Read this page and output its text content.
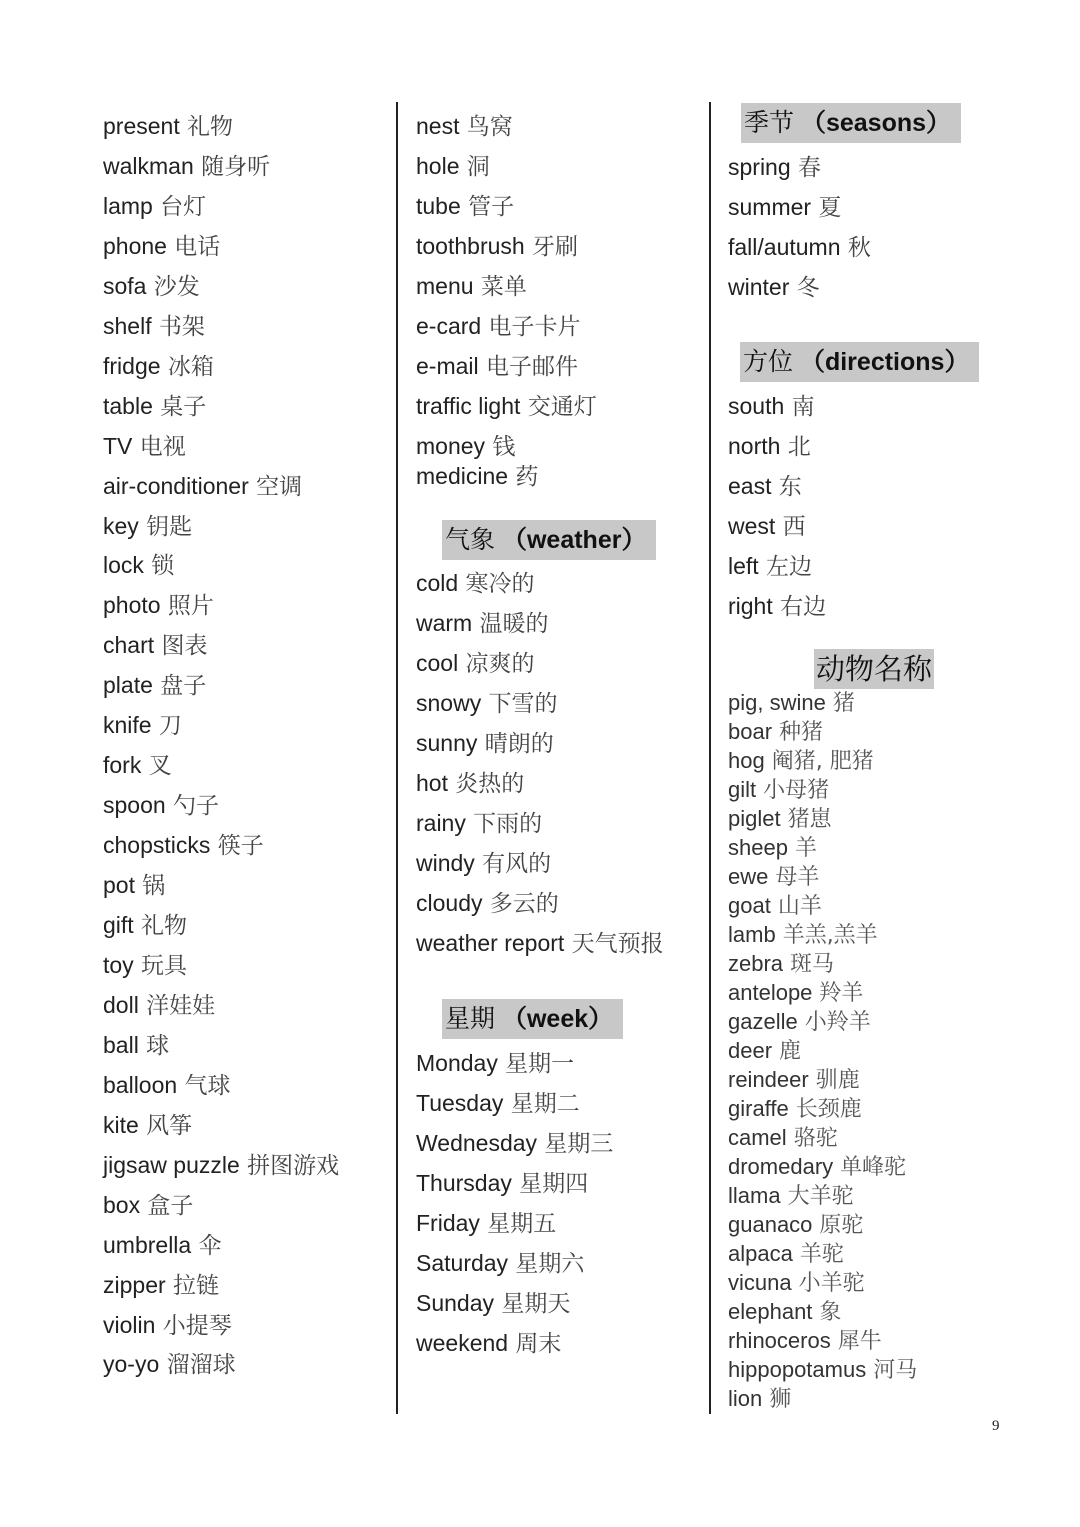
present 礼物
walkman 随身听
lamp 台灯
phone 电话
sofa 沙发
shelf 书架
fridge 冰箱
table 桌子
TV 电视
air-conditioner 空调
key 钥匙
lock 锁
photo 照片
chart 图表
plate 盘子
knife 刀
fork 叉
spoon 勺子
chopsticks 筷子
pot 锅
gift 礼物
toy 玩具
doll 洋娃娃
ball 球
balloon 气球
kite 风筝
jigsaw puzzle 拼图游戏
box 盒子
umbrella 伞
zipper 拉链
violin 小提琴
yo-yo 溜溜球
nest 鸟窝
hole 洞
tube 管子
toothbrush 牙刷
menu 菜单
e-card 电子卡片
e-mail 电子邮件
traffic light 交通灯
money 钱
medicine 药
气象 （weather）
cold 寒冷的
warm 温暖的
cool 凉爽的
snowy 下雪的
sunny 晴朗的
hot 炎热的
rainy 下雨的
windy 有风的
cloudy 多云的
weather report 天气预报
星期 （week）
Monday 星期一
Tuesday 星期二
Wednesday 星期三
Thursday 星期四
Friday 星期五
Saturday 星期六
Sunday 星期天
weekend 周末
季节 （seasons）
spring 春
summer 夏
fall/autumn 秋
winter 冬
方位 （directions）
south 南
north 北
east 东
west 西
left 左边
right 右边
动物名称
pig, swine 猪
boar 种猪
hog 阉猪, 肥猪
gilt 小母猪
piglet 猪崽
sheep 羊
ewe 母羊
goat 山羊
lamb 羊羔,羔羊
zebra 斑马
antelope 羚羊
gazelle 小羚羊
deer 鹿
reindeer 驯鹿
giraffe 长颈鹿
camel 骆驼
dromedary 单峰驼
llama 大羊驼
guanaco 原驼
alpaca 羊驼
vicuna 小羊驼
elephant 象
rhinoceros 犀牛
hippopotamus 河马
lion 狮
9
